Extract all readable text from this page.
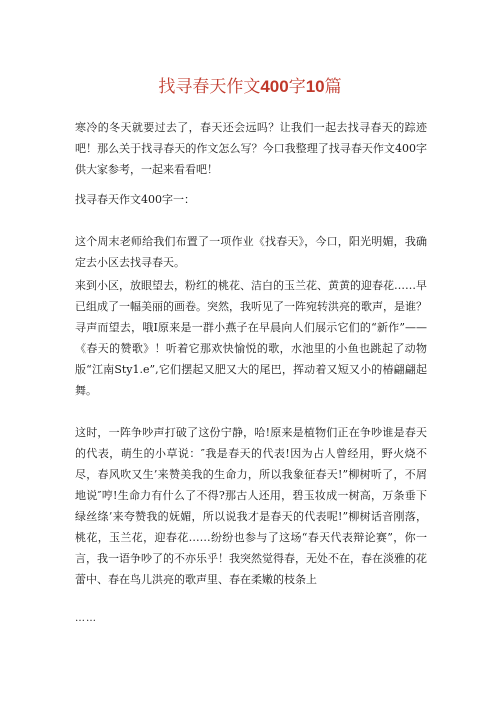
找寻春天作文400字10篇

寒冷的冬天就要过去了，春天还会远吗？让我们一起去找寻春天的踪迹吧！那么关于找寻春天的作文怎么写？今口我整理了找寻春天作文400字供大家参考，一起来看看吧！

找寻春天作文400字一：

这个周末老师给我们布置了一项作业《找春天》，今口，阳光明媚，我确定去小区去找寻春天。

来到小区，放眼望去，粉红的桃花、洁白的玉兰花、黄黄的迎春花……早已组成了一幅美丽的画卷。突然，我听见了一阵宛转洪亮的歌声，是谁？寻声而望去，哦I原来是一群小燕子在早晨向人们展示它们的“新作”——《春天的赞歌》！听着它那欢快愉悦的歌，水池里的小鱼也跳起了动物版“江南Sty1.e”,它们摆起又肥又大的尾巴，挥动着又短又小的椿翩翩起舞。

这时，一阵争吵声打破了这份宁静，哈!原来是植物们正在争吵谁是春天的代表，萌生的小草说：″我是春天的代表!因为占人曾经用，野火烧不尽，春风吹又生’来赞美我的生命力，所以我象征春天!”柳树听了，不屑地说″哼!生命力有什么了不得?那古人还用，碧玉妆成一树高，万条垂下绿丝绦’来夸赞我的妩媚，所以说我才是春天的代表呢!”柳树话音刚落，桃花，玉兰花，迎春花……纷纷也参与了这场“春天代表辩论赛”，你一言，我一语争吵了的不亦乐乎！我突然觉得春，无处不在，春在淡雅的花蕾中、春在鸟儿洪亮的歌声里、春在柔嫩的枝条上

……
